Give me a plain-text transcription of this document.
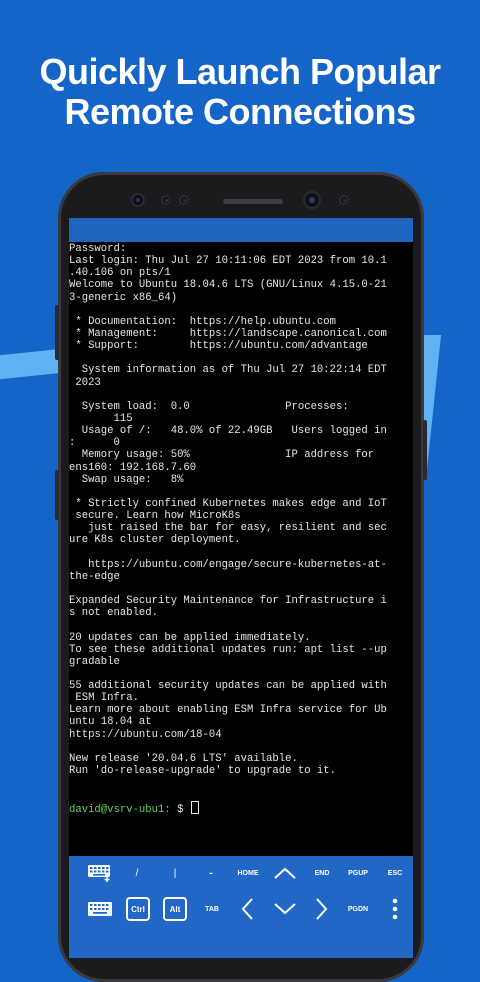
Quickly Launch Popular
Remote Connections
Password:
Last login: Thu Jul 27 10:11:06 EDT 2023 from 10.1
.40.106 on pts/1
Welcome to Ubuntu 18.04.6 LTS (GNU/Linux 4.15.0-21
3-generic x86_64)
* Documentation:  https://help.ubuntu.com
* Management:     https://landscape.canonical.com
* Support:        https://ubuntu.com/advantage
System information as of Thu Jul 27 10:22:14 EDT
2023
System load:  0.0               Processes:
115
Usage of /:   48.0% of 22.49GB   Users logged in
:      0
Memory usage: 50%               IP address for
ens160: 192.168.7.60
Swap usage:   8%
* Strictly confined Kubernetes makes edge and IoT
secure. Learn how MicroK8s
just raised the bar for easy, resilient and sec
ure K8s cluster deployment.
https://ubuntu.com/engage/secure-kubernetes-at-
the-edge
Expanded Security Maintenance for Infrastructure i
s not enabled.
20 updates can be applied immediately.
To see these additional updates run: apt list --up
gradable
55 additional security updates can be applied with
ESM Infra.
Learn more about enabling ESM Infra service for Ub
untu 18.04 at
https://ubuntu.com/18-04
New release '20.04.6 LTS' available.
Run 'do-release-upgrade' to upgrade to it.
david@vsrv-ubu1: $
/	|	-	HOME	END	PGUP	ESC
Ctrl	Alt	TAB	PGDN
